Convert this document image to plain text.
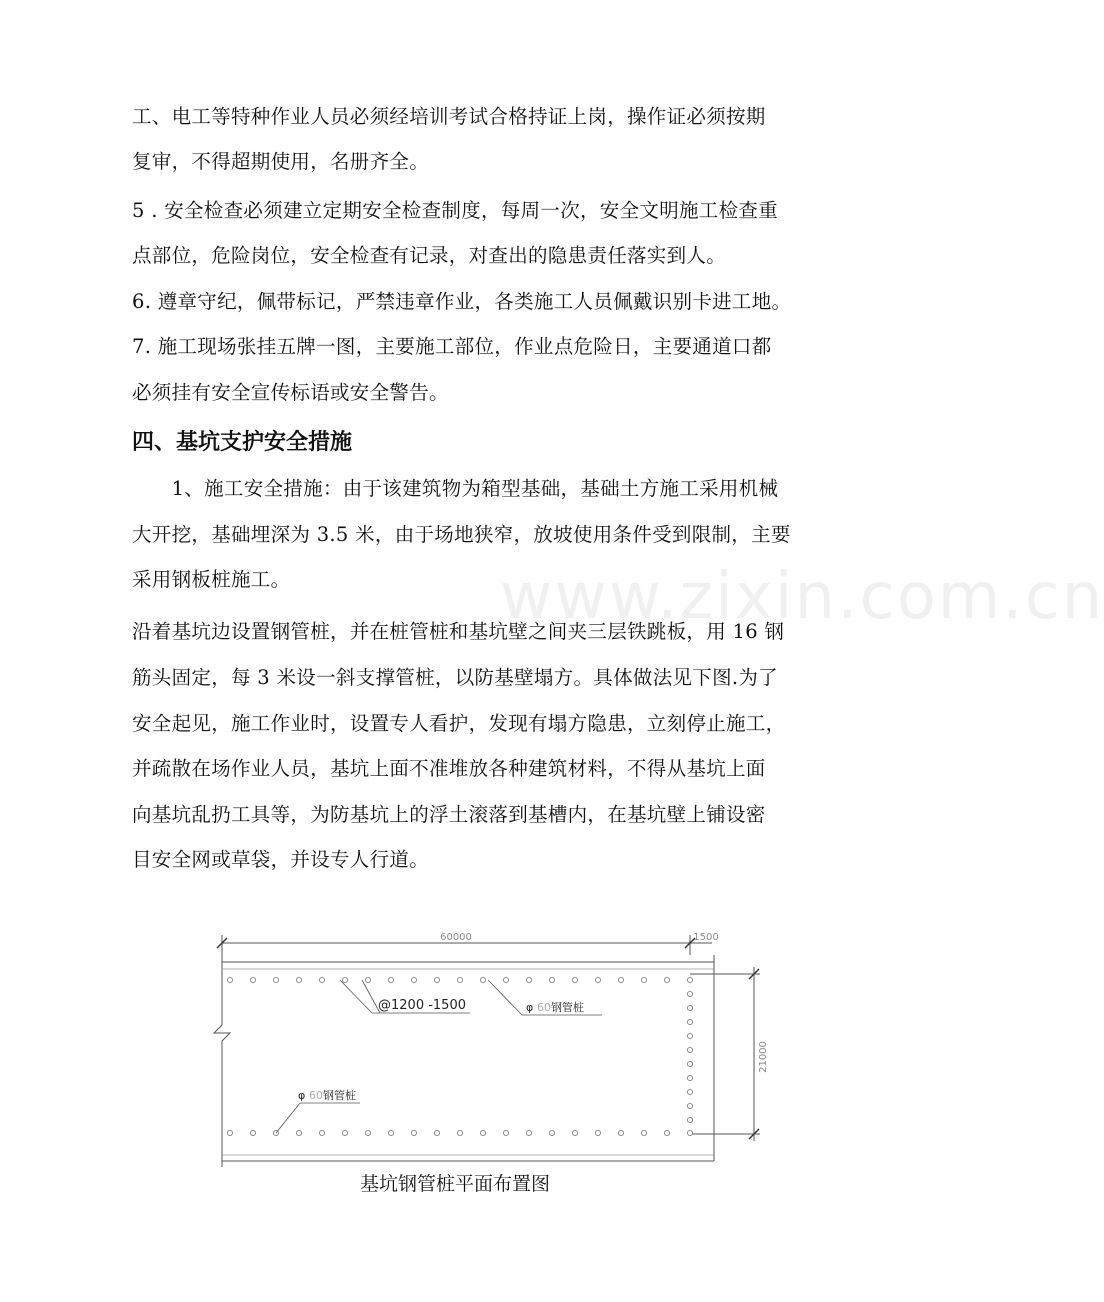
www.zixin.com.cn
工、电工等特种作业人员必须经培训考试合格持证上岗，操作证必须按期
复审，不得超期使用，名册齐全。
5 . 安全检查必须建立定期安全检查制度，每周一次，安全文明施工检查重
点部位，危险岗位，安全检查有记录，对查出的隐患责任落实到人。
6. 遵章守纪，佩带标记，严禁违章作业，各类施工人员佩戴识别卡进工地。
7. 施工现场张挂五牌一图，主要施工部位，作业点危险日，主要通道口都
必须挂有安全宣传标语或安全警告。
四、基坑支护安全措施
　　1、施工安全措施：由于该建筑物为箱型基础，基础土方施工采用机械
大开挖，基础埋深为 3.5 米，由于场地狭窄，放坡使用条件受到限制，主要
采用钢板桩施工。
沿着基坑边设置钢管桩，并在桩管桩和基坑壁之间夹三层铁跳板，用 16 钢
筋头固定，每 3 米设一斜支撑管桩，以防基壁塌方。具体做法见下图.为了
安全起见，施工作业时，设置专人看护，发现有塌方隐患，立刻停止施工，
并疏散在场作业人员，基坑上面不准堆放各种建筑材料，不得从基坑上面
向基坑乱扔工具等，为防基坑上的浮土滚落到基槽内，在基坑壁上铺设密
目安全网或草袋，并设专人行道。
60000	1500
21000
@1200 -1500	φ 60 钢管桩
φ 60 钢管桩
基坑钢管桩平面布置图
